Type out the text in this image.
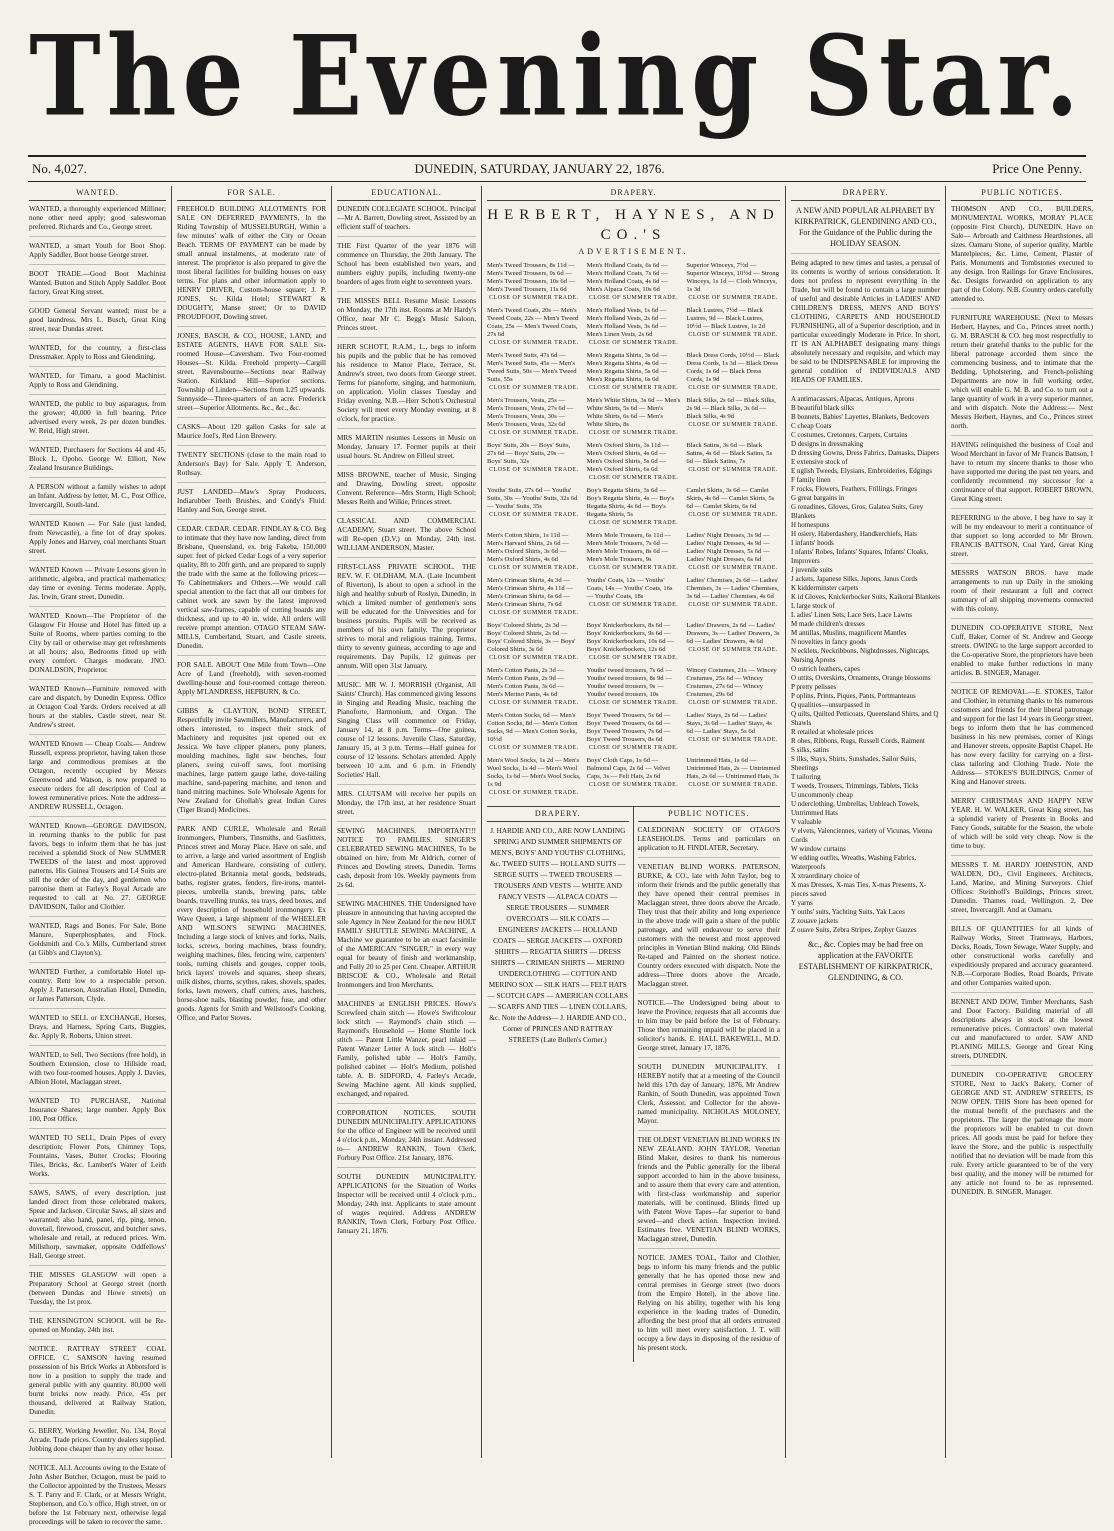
The Evening Star.
No. 4,027.	DUNEDIN, SATURDAY, JANUARY 22, 1876.	Price One Penny.
WANTED.
WANTED, a thoroughly experienced Milliner; none other need apply; good saleswoman preferred. Richards and Co., George street.
WANTED, a smart Youth for Boot Shop. Apply Saddler, Boot house George street.
BOOT TRADE.—Good Boot Machinist Wanted. Button and Stitch Apply Saddler. Boot factory, Great King street.
GOOD General Servant wanted; must be a good laundress. Mrs L. Busch, Great King street, near Dundas street.
WANTED, for the country, a first-class Dressmaker. Apply to Ross and Glendining.
WANTED, for Timaru, a good Machinist. Apply to Ross and Glendining.
WANTED, the public to buy asparagus, from the grower; 40,000 in full bearing. Price advertised every week, 2s per dozen bundles. W. Reid, High street.
WANTED, Purchasers for Sections 44 and 45, Block I., Opoho. George W. Elliott, New Zealand Insurance Buildings.
A PERSON without a family wishes to adopt an Infant. Address by letter, M. C., Post Office, Invercargill, South-land.
WANTED Known — For Sale (just landed, from Newcastle), a fine lot of dray spokes. Apply Jones and Harvey, coal merchants Stuart street.
WANTED Known — Private Lessons given in arithmetic, algebra, and practical mathematics; day time or evening. Terms moderate. Apply, Jas. Irwin, Grant street, Dunedin.
WANTED Known—The Proprietor of the Glasgow Fir House and Hotel has fitted up a Suite of Rooms, where parties coming to the City by rail or otherwise may get refreshments at all hours; also, Bedrooms fitted up with every comfort. Charges moderate. JNO. DONALDSON, Proprietor.
WANTED Known—Furniture removed with care and dispatch, by Dunedin Express. Office at Octagon Coal Yards. Orders received at all hours at the stables, Castle street, near St. Andrew's street.
WANTED Known — Cheap Coals.— Andrew Russell, express proprietor, having taken those large and commodious premises at the Octagon, recently occupied by Messrs Greenwood and Watson, is now prepared to execute orders for all description of Coal at lowest remunerative prices. Note the address— ANDREW RUSSELL, Octagon.
WANTED Known—GEORGE DAVIDSON, in returning thanks to the public for past favors, begs to inform them that he has just received a splendid Stock of New SUMMER TWEEDS of the latest and most approved patterns. His Guinea Trousers and L4 Suits are still the order of the day, and gentlemen who patronise them at Farley's Royal Arcade are requested to call at No. 27. GEORGE DAVIDSON, Tailor and Clothier.
WANTED, Rags and Bones. For Sale, Bone Manure, Superphosphates, and Flock. Goldsmith and Co.'s Mills, Cumberland street (at Gibb's and Clayton's).
WANTED Further, a comfortable Hotel up-country. Rent low to a respectable person. Apply J. Patterson, Australian Hotel, Dunedin, or James Patterson, Clyde.
WANTED to SELL or EXCHANGE, Horses, Drays, and Harness, Spring Carts, Buggies, &c. Apply R. Roberts, Union street.
WANTED, to Sell, Two Sections (free hold), in Southern Extension, close to Hillside road, with two four-roomed houses. Apply J. Davies, Albion Hotel, Maclaggan street.
WANTED TO PURCHASE, National Insurance Shares; large number. Apply Box 100, Post Office.
WANTED TO SELL, Drain Pipes of every description; Flower Pots, Chimney Tops, Fountains, Vases, Butter Crocks; Flooring Tiles, Bricks, &c. Lambert's Water of Leith Works.
SAWS, SAWS, of every description, just landed direct from those celebrated makers, Spear and Jackson. Circular Saws, all sizes and warranted; also hand, panel, rip, ping, tenon, dovetail, firewood, crosscut, and butcher saws, wholesale and retail, at reduced prices. Wm. Millsthorp, sawmaker, opposite Oddfellows' Hall, George street.
THE MISSES GLASGOW will open a Preparatory School at George street (north (between Dundas and Howe streets) on Tuesday, the 1st prox.
THE KENSINGTON SCHOOL will be Re-opened on Monday, 24th inst.
NOTICE. RATTRAY STREET COAL OFFICE. C. SAMSON having resumed possession of his Brick Works at Abbotsford is now in a position to supply the trade and general public with any quantity. 80,000 well burnt bricks now ready. Price, 45s per thousand, delivered at Railway Station, Dunedin.
G. BERRY, Working Jeweller, No. 134, Royal Arcade. Trade prices. Country dealers supplied. Jobbing done cheaper than by any other house.
NOTICE. ALL Accounts owing to the Estate of John Asher Butcher, Octagon, must be paid to the Collector appointed by the Trustees, Messrs S. T. Parry and F. Clark, or at Messrs Wright, Stephenson, and Co.'s office, High street, on or before the 1st February next, otherwise legal proceedings will be taken to recover the same.
FOR SALE.
FREEHOLD BUILDING ALLOTMENTS FOR SALE ON DEFERRED PAYMENTS, In the Riding Township of MUSSELBURGH, Within a few minutes' walk of either the City or Ocean Beach. TERMS OF PAYMENT can be made by small annual instalments, at moderate rate of interest. The proprietor is also prepared to give the most liberal facilities for building houses on easy terms. For plans and other information apply to HENRY DRIVER, Custom-house square; J. P. JONES, St. Kilda Hotel; STEWART & DOUGHTY, Manse street; Or to DAVID PROUDFOOT, Dowling street.
JONES, BASCH, & CO., HOUSE, LAND, and ESTATE AGENTS, HAVE FOR SALE Six-roomed House—Caversham. Two Four-roomed Houses—St. Kilda. Freehold property—Cargill street. Ravensbourne—Sections near Railway Station. Kirkland Hill—Superior sections. Township of Linden—Sections from L25 upwards. Sunnyside—Three-quarters of an acre. Frederick street—Superior Allotments. &c., &c., &c.
CASKS—About 120 gallon Casks for sale at Maurice Joel's, Red Lion Brewery.
TWENTY SECTIONS (close to the main road to Anderson's Bay) for Sale. Apply T. Anderson, Rothsay.
JUST LANDED—Maw's Spray Producers, Indiarubber Teeth Brushes, and Condy's Fluid. Hanley and Son, George street.
CEDAR. CEDAR. CEDAR. FINDLAY & CO. Beg to intimate that they have now landing, direct from Brisbane, Queensland, ex. brig Fakeba, 150,000 super. feet of picked Cedar Logs of a very superior quality, 8ft to 20ft girth, and are prepared to supply the trade with the same at the following prices:— To Cabinetmakers and Others.—We would call special attention to the fact that all our timbers for cabinet work are sawn by the latest improved vertical saw-frames, capable of cutting boards any thickness, and up to 40 in. wide. All orders will receive prompt attention. OTAGO STEAM SAW-MILLS, Cumberland, Stuart, and Castle streets, Dunedin.
FOR SALE. ABOUT One Mile from Town—One Acre of Land (freehold), with seven-roomed dwelling-house and four-roomed cottage thereon. Apply M'LANDRESS, HEPBURN, & Co.
GIBBS & CLAYTON, BOND STREET, Respectfully invite Sawmillers, Manufacturers, and others interested, to inspect their stock of Machinery and requisites just opened out ex Jessica. We have clipper planers, pony planers, moulding machines, light saw benches, four planers, swing cut-off saws, foot mortising machines, large pattern gauge lathe, dove-tailing machine, sand-papering machine, and tenon and hand mitring machines. Sole Wholesale Agents for New Zealand for Ghollah's great Indian Cures (Tiger Brand) Medicines.
PARK AND CURLE, Wholesale and Retail Ironmongers, Plumbers, Tinsmiths, and Gasfitters, Princes street and Moray Place. Have on sale, and to arrive, a large and varied assortment of English and American Hardware, consisting of cutlery, electro-plated Britannia metal goods, bedsteads, baths, register grates, fenders, fire-irons, mantel-pieces, umbrella stands, brewing pans, table boards, travelling trunks, tea trays, deed boxes, and every description of household ironmongery. Ex Wave Queen, a large shipment of the WHEELER AND WILSON'S SEWING MACHINES, Including a large stock of knives and forks, Nails, locks, screws, boring machines, brass foundry, weighing machines, files, fencing wire, carpenters' tools, turning chisels and gouges, copper tools, brick layers' trowels and squares, sheep shears, milk dishes, churns, scythes, rakes, shovels, spades, forks, lawn mowers, chaff cutters, axes, hatchets, horse-shoe nails, blasting powder, fuse, and other goods. Agents for Smith and Wellstood's Cooking, Office, and Parlor Stoves.
EDUCATIONAL.
DUNEDIN COLLEGIATE SCHOOL. Principal—Mr A. Barrett, Dowling street, Assisted by an efficient staff of teachers.
THE First Quarter of the year 1876 will commence on Thursday, the 20th January. The School has been established two years, and numbers eighty pupils, including twenty-one boarders of ages from eight to seventeen years.
THE MISSES BELL Resume Music Lessons on Monday, the 17th inst. Rooms at Mr Hardy's Office, near Mr C. Begg's Music Saloon, Princes street.
HERR SCHOTT, R.A.M., L., begs to inform his pupils and the public that he has removed his residence to Manor Place, Terrace, St. Andrew's street, two doors from George street. Terms for pianoforte, singing, and harmonium, on application. Violin classes Tuesday and Friday evening. N.B.—Herr Schott's Orchestral Society will meet every Monday evening, at 8 o'clock, for practice.
MRS MARTIN resumes Lessons in Music on Monday, January 17. Former pupils at their usual hours. St. Andrew on Filleul street.
MISS BROWNE, teacher of Music, Singing and Drawing, Dowling street, opposite Convent. Reference—Mrs Storm, High School; Messrs Reith and Wilkie, Princes street.
CLASSICAL AND COMMERCIAL ACADEMY, Stuart street. The above School will Re-open (D.V.) on Monday, 24th inst. WILLIAM ANDERSON, Master.
FIRST-CLASS PRIVATE SCHOOL. THE REV. W. F. OLDHAM, M.A. (Late Incumbent of Riverton), Is about to open a school in the high and healthy suburb of Roslyn, Dunedin, in which a limited number of gentlemen's sons will be educated for the Universities and for business pursuits. Pupils will be received as members of his own family. The proprietor strives to moral and religious training. Terms, thirty to seventy guineas, according to age and requirements. Day Pupils, 12 guineas per annum. Will open 31st January.
MUSIC. MR W. J. MORRISH (Organist, All Saints' Church). Has commenced giving lessons in Singing and Reading Music, teaching the Pianoforte, Harmonium, and Organ. The Singing Class will commence on Friday, January 14, at 8 p.m. Terms—One guinea, course of 12 lessons. Juvenile Class, Saturday, January 15, at 3 p.m. Terms—Half guinea for course of 12 lessons. Scholars attended. Apply between 10 a.m. and 6 p.m. in Friendly Societies' Hall.
MRS. CLUTSAM will receive her pupils on Monday, the 17th inst, at her residence Stuart street.
SEWING MACHINES. IMPORTANT!!! NOTICE TO FAMILIES. SINGER'S CELEBRATED SEWING MACHINES, To be obtained on hire, from Mr Aldrich, corner of Princes and Dowling streets, Dunedin. Terms cash, deposit from 10s. Weekly payments from 2s 6d.
SEWING MACHINES. THE Undersigned have pleasure in announcing that having accepted the sole Agency in New Zealand for the new HOLT FAMILY SHUTTLE SEWING MACHINE, A Machine we guarantee to be an exact facsimile of the AMERICAN "SINGER," in every way equal for beauty of finish and workmanship, and Fully 20 to 25 per Cent. Cheaper. ARTHUR BRISCOE & CO., Wholesale and Retail Ironmongers and Iron Merchants.
MACHINES at ENGLISH PRICES. Howe's Screwfeed chain stitch — Howe's Swiftcolour lock stitch — Raymond's chain stitch — Raymond's Household — Home Shuttle lock stitch — Patent Little Wanzer, pearl inlaid — Patent Wanzer Letter A lock stitch — Holt's Family, polished table — Holt's Family, polished cabinet — Holt's Medium, polished table. A. B. SIDFORD, 4, Farley's Arcade, Sewing Machine agent. All kinds supplied, exchanged, and repaired.
CORPORATION NOTICES. SOUTH DUNEDIN MUNICIPALITY. APPLICATIONS for the office of Engineer will be received until 4 o'clock p.m., Monday, 24th instant. Addressed to— ANDREW RANKIN, Town Clerk, Forbury Post Office. 21st January, 1876.
SOUTH DUNEDIN MUNICIPALITY. APPLICATIONS for the Situation of Works Inspector will be received until 4 o'clock p.m., Monday, 24th inst. Applicants to state amount of wages required. Address ANDREW RANKIN, Town Clerk, Forbury Post Office. January 21, 1876.
DRAPERY.
HERBERT, HAYNES, AND CO.'S
ADVERTISEMENT.
Men's Tweed Trousers, 8s 11d — Men's Tweed Trousers, 9s 6d — Men's Tweed Trousers, 10s 6d — Men's Tweed Trousers, 11s 6d
CLOSE OF SUMMER TRADE.
Men's Holland Coats, 6s 6d — Men's Holland Coats, 7s 6d — Men's Holland Coats, 4s 6d — Men's Alpaca Coats, 10s 6d
CLOSE OF SUMMER TRADE.
Superior Winceys, 7½d — Superior Winceys, 10½d — Strong Winceys, 1s 1d — Cloth Winceys, 1s 3d
CLOSE OF SUMMER TRADE.
Men's Tweed Coats, 20s — Men's Tweed Coats, 22s — Men's Tweed Coats, 25s — Men's Tweed Coats, 27s 6d
CLOSE OF SUMMER TRADE.
Men's Holland Vests, 1s 6d — Men's Holland Vests, 2s 6d — Men's Holland Vests, 3s 6d — Men's Linen Vests, 2s 6d
CLOSE OF SUMMER TRADE.
Black Lustres, 7½d — Black Lustres, 9d — Black Lustres, 10½d — Black Lustres, 1s 2d
CLOSE OF SUMMER TRADE.
Men's Tweed Suits, 47s 6d — Men's Tweed Suits, 45s — Men's Tweed Suits, 50s — Men's Tweed Suits, 55s
CLOSE OF SUMMER TRADE.
Men's Regatta Shirts, 3s 6d — Men's Regatta Shirts, 4s 6d — Men's Regatta Shirts, 5s 6d — Men's Regatta Shirts, 6s 6d
CLOSE OF SUMMER TRADE.
Black Dress Cords, 10½d — Black Dress Cords, 1s 3d — Black Dress Cords, 1s 6d — Black Dress Cords, 1s 9d
CLOSE OF SUMMER TRADE.
Men's Trousers, Vests, 25s — Men's Trousers, Vests, 27s 6d — Men's Trousers, Vests, 30s — Men's Trousers, Vests, 32s 6d
CLOSE OF SUMMER TRADE.
Men's White Shirts, 3s 6d — Men's White Shirts, 5s 6d — Men's White Shirts, 6s 6d — Men's White Shirts, 8s
CLOSE OF SUMMER TRADE.
Black Silks, 2s 6d — Black Silks, 2s 9d — Black Silks, 3s 6d — Black Silks, 4s 9d
CLOSE OF SUMMER TRADE.
Boys' Suits, 20s — Boys' Suits, 27s 6d — Boys' Suits, 29s — Boys' Suits, 32s
CLOSE OF SUMMER TRADE.
Men's Oxford Shirts, 3s 11d — Men's Oxford Shirts, 4s 6d — Men's Oxford Shirts, 5s 6d — Men's Oxford Shirts, 6s 6d
CLOSE OF SUMMER TRADE.
Black Satins, 3s 6d — Black Satins, 4s 6d — Black Satins, 5s 6d — Black Satins, 7s
CLOSE OF SUMMER TRADE.
Youths' Suits, 27s 6d — Youths' Suits, 30s — Youths' Suits, 32s 6d — Youths' Suits, 35s
CLOSE OF SUMMER TRADE.
Boy's Regatta Shirts, 3s 6d — Boy's Regatta Shirts, 4s — Boy's Regatta Shirts, 4s 6d — Boy's Regatta Shirts, 5s
CLOSE OF SUMMER TRADE.
Camlet Skirts, 3s 6d — Camlet Skirts, 4s 6d — Camlet Skirts, 5s 6d — Camlet Skirts, 6s 6d
CLOSE OF SUMMER TRADE.
Men's Cotton Shirts, 1s 11d — Men's Harvard Shirts, 2s 6d — Men's Oxford Shirts, 3s 6d — Men's Oxford Shirts, 4s 6d
CLOSE OF SUMMER TRADE.
Men's Mole Trousers, 6s 11d — Men's Mole Trousers, 7s 6d — Men's Mole Trousers, 8s 6d — Men's Mole Trousers, 9s
CLOSE OF SUMMER TRADE.
Ladies' Night Dresses, 3s 9d — Ladies' Night Dresses, 4s 9d — Ladies' Night Dresses, 5s 6d — Ladies' Night Dresses, 6s 6d
CLOSE OF SUMMER TRADE.
Men's Crimean Shirts, 4s 3d — Men's Crimean Shirts, 4s 11d — Men's Crimean Shirts, 6s 6d — Men's Crimean Shirts, 7s 6d
CLOSE OF SUMMER TRADE.
Youths' Coats, 12s — Youths' Coats, 14s — Youths' Coats, 16s — Youths' Coats, 18s
CLOSE OF SUMMER TRADE.
Ladies' Chemises, 2s 6d — Ladies' Chemises, 3s — Ladies' Chemises, 3s 6d — Ladies' Chemises, 4s 6d
CLOSE OF SUMMER TRADE.
Boys' Colored Shirts, 2s 3d — Boys' Colored Shirts, 2s 6d — Boys' Colored Shirts, 3s — Boys' Colored Shirts, 3s 6d
CLOSE OF SUMMER TRADE.
Boys' Knickerbockers, 8s 6d — Boys' Knickerbockers, 9s 6d — Boys' Knickerbockers, 10s 6d — Boys' Knickerbockers, 12s 6d
CLOSE OF SUMMER TRADE.
Ladies' Drawers, 2s 6d — Ladies' Drawers, 3s — Ladies' Drawers, 3s 6d — Ladies' Drawers, 4s 6d
CLOSE OF SUMMER TRADE.
Men's Cotton Pants, 2s 3d — Men's Cotton Pants, 2s 9d — Men's Cotton Pants, 3s 6d — Men's Merino Pants, 4s 6d
CLOSE OF SUMMER TRADE.
Youths' tweed trousers, 7s 6d — Youths' tweed trousers, 8s 9d — Youths' tweed trousers, 9s — Youths' tweed trousers, 10s
CLOSE OF SUMMER TRADE.
Wincey Costumes, 21s — Wincey Costumes, 25s 6d — Wincey Costumes, 27s 6d — Wincey Costumes, 29s 6d
CLOSE OF SUMMER TRADE.
Men's Cotton Socks, 6d — Men's Cotton Socks, 8d — Men's Cotton Socks, 9d — Men's Cotton Socks, 10½d
CLOSE OF SUMMER TRADE.
Boys' Tweed Trousers, 5s 6d — Boys' Tweed Trousers, 6s 6d — Boys' Tweed Trousers, 7s 6d — Boys' Tweed Trousers, 8s 6d
CLOSE OF SUMMER TRADE.
Ladies' Stays, 2s 6d — Ladies' Stays, 3s 6d — Ladies' Stays, 4s 6d — Ladies' Stays, 5s 6d
CLOSE OF SUMMER TRADE.
Men's Wool Socks, 1s 2d — Men's Wool Socks, 1s 4d — Men's Wool Socks, 1s 6d — Men's Wool Socks, 1s 9d
CLOSE OF SUMMER TRADE.
Boys' Cloth Caps, 1s 6d — Balmoral Caps, 2s 6d — Velvet Caps, 3s — Felt Hats, 2s 6d
CLOSE OF SUMMER TRADE.
Untrimmed Hats, 1s 6d — Untrimmed Hats, 2s — Untrimmed Hats, 2s 6d — Untrimmed Hats, 3s
CLOSE OF SUMMER TRADE.
DRAPERY.
J. HARDIE AND CO., ARE NOW LANDING SPRING AND SUMMER SHIPMENTS OF MEN'S, BOYS' AND YOUTHS' CLOTHING, &c. TWEED SUITS — HOLLAND SUITS — SERGE SUITS — TWEED TROUSERS — TROUSERS AND VESTS — WHITE AND FANCY VESTS — ALPACA COATS — SERGE TROUSERS — SUMMER OVERCOATS — SILK COATS — ENGINEERS' JACKETS — HOLLAND COATS — SERGE JACKETS — OXFORD SHIRTS — REGATTA SHIRTS — DRESS SHIRTS — CRIMEAN SHIRTS — MERINO UNDERCLOTHING — COTTON AND MERINO SOX — SILK HATS — FELT HATS — SCOTCH CAPS — AMERICAN COLLARS — SCARFS AND TIES — LINEN COLLARS, &c. Note the Address— J. HARDIE AND CO., Corner of PRINCES AND RATTRAY STREETS (Late Bullen's Corner.)
PUBLIC NOTICES.
CALEDONIAN SOCIETY OF OTAGO'S LEASEHOLDS. Terms and particulars on application to H. FINDLATER, Secretary.
VENETIAN BLIND WORKS. PATERSON, BURKE, & CO., late with John Taylor, beg to inform their friends and the public generally that they have opened their central premises in Maclaggan street, three doors above the Arcade. They trust that their ability and long experience in the above trade will gain a share of the public patronage, and will endeavour to serve their customers with the newest and most approved principles in Venetian Blind making. Old Blinds Re-taped and Painted on the shortest notice. Country orders executed with dispatch. Note the address—Three doors above the Arcade, Maclaggan street.
NOTICE.—The Undersigned being about to leave the Province, requests that all accounts due to him may be paid before the 1st of February. Those then remaining unpaid will be placed in a solicitor's hands. E. HALL BAKEWELL, M.D. George street, January 17, 1876.
SOUTH DUNEDIN MUNICIPALITY. I HEREBY notify that at a meeting of the Council held this 17th day of January, 1876, Mr Andrew Rankin, of South Dunedin, was appointed Town Clerk, Assessor, and Collector for the above-named municipality. NICHOLAS MOLONEY, Mayor.
THE OLDEST VENETIAN BLIND WORKS IN NEW ZEALAND. JOHN TAYLOR, Venetian Blind Maker, desires to thank his numerous friends and the Public generally for the liberal support accorded to him in the above business, and to assure them that every care and attention, with first-class workmanship and superior materials, will be continued. Blinds fitted up with Patent Wove Tapes—far superior to hand sewed—and check action. Inspection invited. Estimates free. VENETIAN BLIND WORKS, Maclaggan street, Dunedin.
NOTICE. JAMES TOAL, Tailor and Clothier, begs to inform his many friends and the public generally that he has opened those new and central premises in George street (two doors from the Empire Hotel), in the above line. Relying on his ability, together with his long experience in the leading trades of Dunedin, affording the best proof that all orders entrusted to him will meet every satisfaction. J. T. will occupy a few days in disposing of the residue of his present stock.
DRAPERY.
A NEW AND POPULAR ALPHABET BY KIRKPATRICK, GLENDINING AND CO., For the Guidance of the Public during the HOLIDAY SEASON.
Being adapted to new times and tastes, a perusal of its contents is worthy of serious consideration. It does not profess to represent everything in the Trade, but will be found to contain a large number of useful and desirable Articles in LADIES' AND CHILDREN'S DRESS, MEN'S AND BOYS' CLOTHING, CARPETS AND HOUSEHOLD FURNISHING, all of a Superior description, and in particular exceedingly Moderate in Price. In short, IT IS AN ALPHABET designating many things absolutely necessary and requisite, and which may be said to be INDISPENSABLE for improving the general condition of INDIVIDUALS AND HEADS OF FAMILIES.
A antimacassars, Alpacas, Antiques, Aprons
B beautiful black silks
B bonnets, Babies' Layettes, Blankets, Bedcovers
C cheap Coats
C costumes, Cretonnes, Carpets, Curtains
D designs in dressmaking
D dressing Gowns, Dress Fabrics, Damasks, Diapers
E extensive stock of
E nglish Tweeds, Elysians, Embroideries, Edgings
F family linen
F rocks, Flowers, Feathers, Frillings, Fringes
G great bargains in
G renadines, Gloves, Gros, Galatea Suits, Grey Blankets
H homespuns
H osiery, Haberdashery, Handkerchiefs, Hats
I infants' hoods
I nfants' Robes, Infants' Squares, Infants' Cloaks, Improvers
J juvenile suits
J ackets, Japanese Silks, Jupons, Janus Cords
K kidderminster carpets
K id Gloves, Knickerbocker Suits, Kaikorai Blankets
L large stock of
L adies' Linen Sets, Lace Sets, Lace Lawns
M made children's dresses
M antillas, Muslins, magnificent Mantles
N novelties in fancy goods
N ecklets, Neckribbons, Nightdresses, Nightcaps, Nursing Aprons
O ostrich feathers, capes
O uttits, Overskirts, Ornaments, Orange blossoms
P pretty pelisses
P oplins, Prints, Piques, Pants, Portmanteaus
Q qualities—unsurpassed in
Q uilts, Quilted Petticoats, Queensland Shirts, and Q Shawls
R retailed at wholesale prices
R obes, Ribbons, Rugs, Russell Cords, Raiment
S silks, satins
S ilks, Stays, Shirts, Sunshades, Sailor Suits, Sheetings
T tailoring
T weeds, Trousers, Trimmings, Tablets, Ticks
U uncommonly cheap
U nderclothing, Umbrellas, Unbleach Towels, Untrimmed Hats
V valuable
V elvets, Valenciennes, variety of Vicunas, Vienna Cords
W window curtains
W edding outfits, Wreaths, Washing Fabrics, Waterproofs
X xtraordinary choice of
X mas Dresses, X-mas Ties, X-mas Presents, X-pieces saved
Y yarns
Y ouths' suits, Yachting Suits, Yak Laces
Z zouave jackets
Z ouave Suits, Zebra Stripes, Zephyr Gauzes
&c., &c. Copies may be had free on application at the FAVORITE ESTABLISHMENT OF KIRKPATRICK, GLENDINING, & CO.
PUBLIC NOTICES.
THOMSON AND CO., BUILDERS, MONUMENTAL WORKS, MORAY PLACE (opposite First Church), DUNEDIN. Have on Sale— Arbroath and Caithness Hearthstones, all sizes. Oamaru Stone, of superior quality, Marble Mantelpieces, &c. Lime, Cement, Plaster of Paris. Monuments and Tombstones executed to any design. Iron Railings for Grave Enclosures, &c. Designs forwarded on application to any part of the Colony. N.B. Country orders carefully attended to.
FURNITURE WAREHOUSE. (Next to Messrs Herbert, Haynes, and Co., Princes street north.) G. M. BRASCH & CO. beg most respectfully to return their grateful thanks to the public for the liberal patronage accorded them since the commencing business, and to intimate that the Bedding, Upholstering, and French-polishing Departments are now in full working order, which will enable G. M. B. and Co. to turn out a large quantity of work in a very superior manner, and with dispatch. Note the Address:— Next Messrs Herbert, Haynes, and Co., Princes street north.
HAVING relinquished the business of Coal and Wood Merchant in favor of Mr Francis Battson, I have to return my sincere thanks to those who have supported me during the past ten years, and confidently recommend my successor for a continuance of that support. ROBERT BROWN, Great King street.
REFERRING to the above, I beg have to say it will be my endeavour to merit a continuance of that support so long accorded to Mr Brown. FRANCIS BATTSON, Coal Yard, Great King street.
MESSRS WATSON BROS. have made arrangements to run up Daily in the smoking room of their restaurant a full and correct summary of all shipping movements connected with this colony.
DUNEDIN CO-OPERATIVE STORE, Next Cuff, Baker, Corner of St. Andrew and George streets. OWING to the large support accorded to the Co-operative Store, the proprietors have been enabled to make further reductions in many articles. B. SINGER, Manager.
NOTICE OF REMOVAL.—E. STOKES, Tailor and Clothier, in returning thanks to his numerous customers and friends for their liberal patronage and support for the last 14 years in George street, begs to inform them that he has commenced business in his new premises, corner of Kings and Hanover streets, opposite Baptist Chapel. He has now every facility for carrying on a first-class tailoring and Clothing Trade. Note the Address— STOKES'S BUILDINGS, Corner of King and Hanover streets.
MERRY CHRISTMAS AND HAPPY NEW YEAR. H. W. WALKER, Great King street, has a splendid variety of Presents in Books and Fancy Goods, suitable for the Season, the whole of which will be sold very cheap. Now is the time to buy.
MESSRS T. M. HARDY JOHNSTON, AND WALDEN, DO., Civil Engineers, Architects, Land, Marine, and Mining Surveyors. Chief Offices: Steinhoff's Buildings, Princes street, Dunedin. Thames road, Wellington. 2, Dee street, Invercargill. And at Oamaru.
BILLS OF QUANTITIES for all kinds of Railway Works, Street Tramways, Harbors, Docks, Roads, Town Sewage, Water Supply, and other constructional works carefully and expeditiously prepared and accuracy guaranteed. N.B.—Corporate Bodies, Road Boards, Private and other Companies waited upon.
BENNET AND DOW, Timber Merchants, Sash and Door Factory. Building material of all descriptions always in stock at the lowest remunerative prices. Contractors' own material cut and manufactured to order. SAW AND PLANING MILLS, George and Great King streets, DUNEDIN.
DUNEDIN CO-OPERATIVE GROCERY STORE, Next to Jack's Bakery, Corner of GEORGE AND ST. ANDREW STREETS, IS NOW OPEN. THIS Store has been opened for the mutual benefit of the purchasers and the proprietors. The larger the patronage the more the proprietors will be enabled to cut down prices. All goods must be paid for before they leave the Store, and the public is respectfully notified that no deviation will be made from this rule. Every article guaranteed to be of the very best quality, and the money will be returned for any article not found to be as represented. DUNEDIN. B. SINGER, Manager.
